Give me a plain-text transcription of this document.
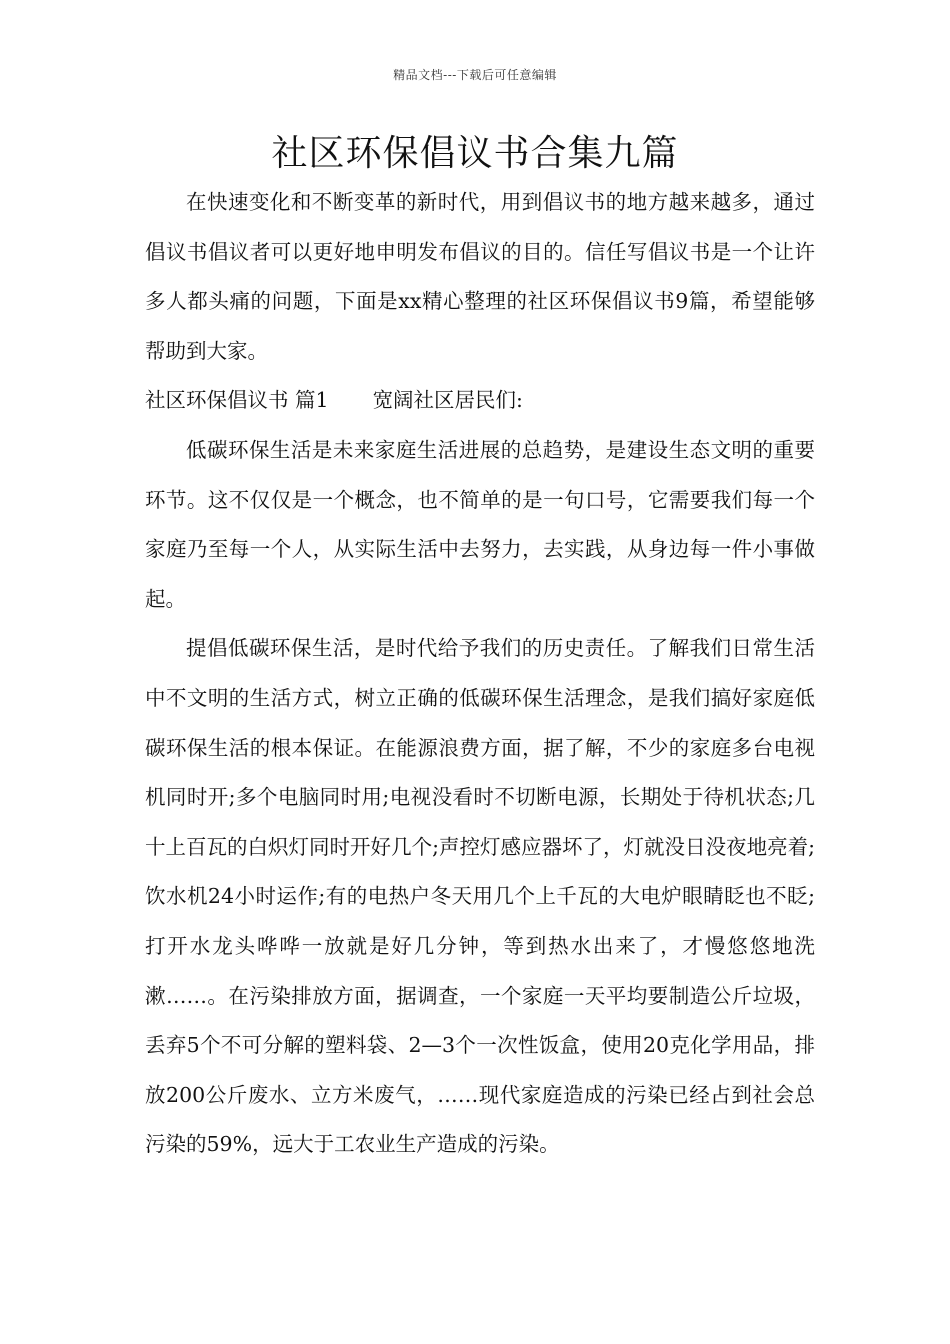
精品文档---下载后可任意编辑
社区环保倡议书合集九篇

在快速变化和不断变革的新时代，用到倡议书的地方越来越多，通过倡议书倡议者可以更好地申明发布倡议的目的。信任写倡议书是一个让许多人都头痛的问题，下面是xx精心整理的社区环保倡议书9篇，希望能够帮助到大家。

社区环保倡议书 篇1 宽阔社区居民们:

低碳环保生活是未来家庭生活进展的总趋势，是建设生态文明的重要环节。这不仅仅是一个概念，也不简单的是一句口号，它需要我们每一个家庭乃至每一个人，从实际生活中去努力，去实践，从身边每一件小事做起。

提倡低碳环保生活，是时代给予我们的历史责任。了解我们日常生活中不文明的生活方式，树立正确的低碳环保生活理念，是我们搞好家庭低碳环保生活的根本保证。在能源浪费方面，据了解，不少的家庭多台电视机同时开;多个电脑同时用;电视没看时不切断电源，长期处于待机状态;几十上百瓦的白炽灯同时开好几个;声控灯感应器坏了，灯就没日没夜地亮着;饮水机24小时运作;有的电热户冬天用几个上千瓦的大电炉眼睛眨也不眨;打开水龙头哗哗一放就是好几分钟，等到热水出来了，才慢悠悠地洗漱……。在污染排放方面，据调查，一个家庭一天平均要制造公斤垃圾，丢弃5个不可分解的塑料袋、2—3个一次性饭盒，使用20克化学用品，排放200公斤废水、立方米废气，……现代家庭造成的污染已经占到社会总污染的59%，远大于工农业生产造成的污染。
